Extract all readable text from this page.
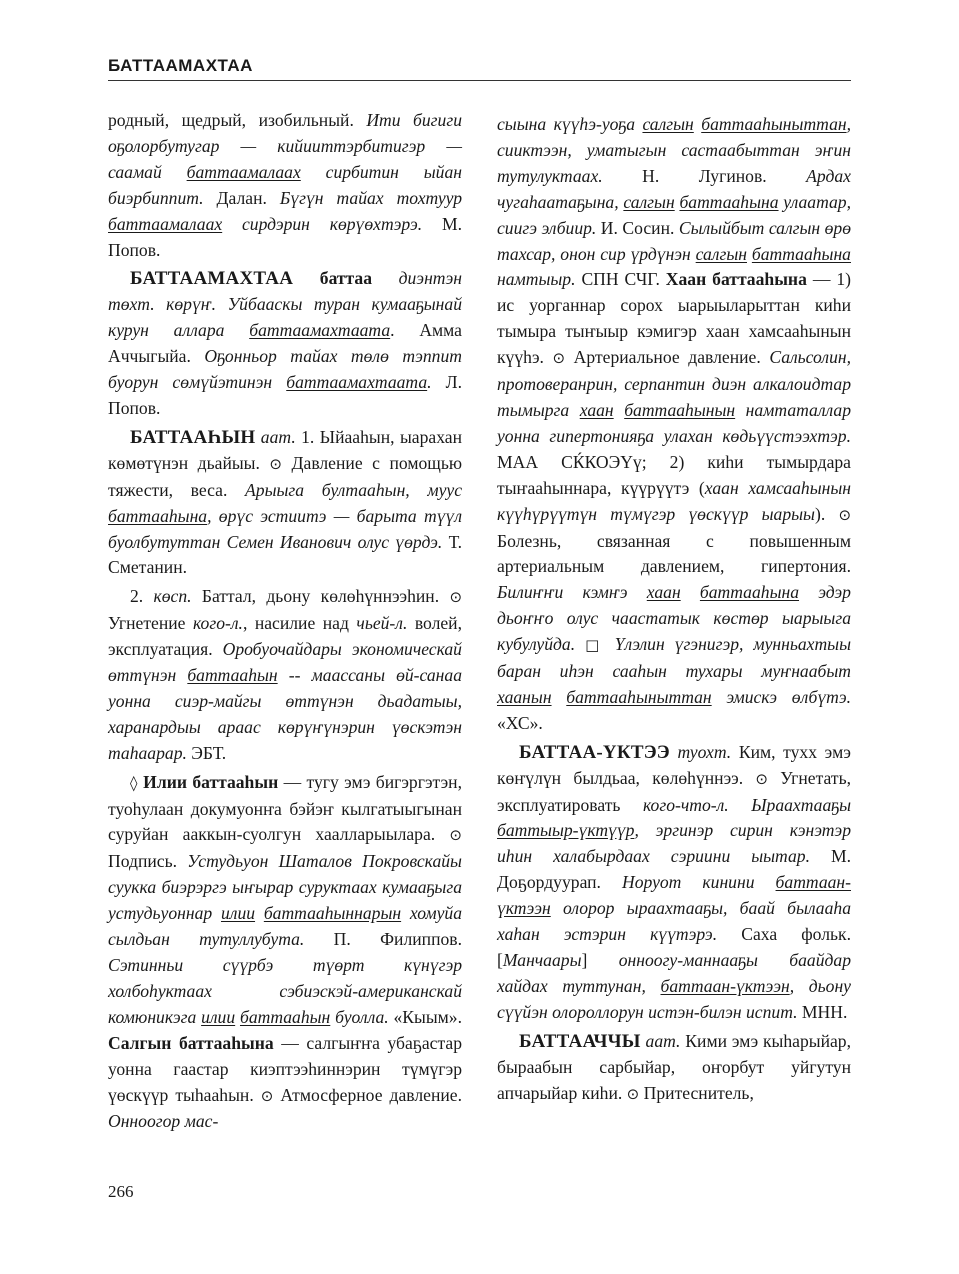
БАТТААМАХТАА

родный, щедрый, изобильный. Ити бигиги оҕолорбутугар — кийииттэрбитигэр — саамай баттаамалаах сирбитин ыйан биэрбиппит. Далан. Бүгүн тайах тохтуур баттаамалаах сирдэрин көрүөхтэрэ. М. Попов.

БАТТААМАХТАА баттаа диэнтэн төхт. көрүҥ. Уйбааскы туран кумааҕынай курун аллара баттаамахтаата. Амма Аччыгыйа. Оҕонньор тайах төлө тэппит буорун сөмүйэтинэн баттаамахтаата. Л. Попов.

БАТТААҺЫН аат. 1. Ыйааһын, ыарахан көмөтүнэн дьайыы. ⊙ Давление с помощью тяжести, веса. Арыыга бултааһын, муус баттааһына, өрүс эстиитэ — барыта түүл буолбутуттан Семен Иванович олус үөрдэ. Т. Сметанин.

2. көсп. Баттал, дьону көлөһүннээһин. ⊙ Угнетение кого-л., насилие над чьей-л. волей, эксплуатация. Оробуочайдары экономическай өттүнэн баттааһын -- маассаны өй-санаа уонна сиэр-майгы өттүнэн дьадатыы, харанардыы араас көрүҥүнэрин үөскэтэн таһаарар. ЭБТ.

◊ Илии баттааһын — тугу эмэ бигэргэтэн, туоһулаан докумуонҥа бэйэҥ кылгатыыгынан суруйан ааккын-суолгун хаалларыылара. ⊙ Подпись. Устудьуон Шаталов Покровскайы суукка биэрэргэ ыҥырар суруктаах кумааҕыга устудьуоннар илии баттааһыннарын хомуйа сылдьан тутуллубута. П. Филиппов. Сэтинньи сүүрбэ түөрт күнүгэр холбоһуктаах сэбиэскэй-американскай комюникэга илии баттааһын буолла. «Кыым». Салгын баттааһына — салгыҥҥа убаҕастар уонна гаастар киэптээһиннэрин түмүгэр үөскүүр тыһааһын. ⊙ Атмосферное давление. Онноогор мас-

сыына күүһэ-уоҕа салгын баттааһыныттан, сииктээн, уматыгын састаабыттан эҥин тутулуктаах. Н. Лугинов. Ардах чугаһаатаҕына, салгын баттааһына улаатар, сиигэ элбиир. И. Сосин. Сылыйбыт салгын өрө тахсар, онон сир үрдүнэн салгын баттааһына намтыыр. СПН СЧГ. Хаан баттааһына — 1) ис уорганнар сорох ыарыыларыттан киһи тымыра тыҥыыр кэмигэр хаан хамсааһынын күүһэ. ⊙ Артериальное давление. Сальсолин, протоверанрин, серпантин диэн алкалоидтар тымырга хаан баттааһынын намтаталлар уонна гипертонияҕа улахан көдьүүстээхтэр. МАА СЌКОЭҮү; 2) киһи тымырдара тыҥааһыннара, күүрүүтэ (хаан хамсааһынын күүһүрүүтүн түмүгэр үөскүүр ыарыы). ⊙ Болезнь, связанная с повышенным артериальным давлением, гипертония. Билиҥҥи кэмҥэ хаан баттааһына эдэр дьоҥҥо олус чаастатык көстөр ыарыыга кубулуйда. □ Үлэлин үгэнигэр, мунньахтыы баран иһэн сааһын тухары муҥнаабыт хаанын баттааһыныттан эмискэ өлбүтэ. «ХС».

БАТТАА-ҮКТЭЭ туохт. Ким, тухх эмэ көҥүлүн былдьаа, көлөһүннээ. ⊙ Угнетать, эксплуатировать кого-что-л. Ыраахтааҕы баттыыр-үктүүр, эргинэр сирин кэнэтэр иһин халабырдаах сэриини ыытар. М. Доҕордуурап. Норуот кинини баттаан-үктээн олорор ыраахтааҕы, баай былааһа хаһан эстэрин күүтэрэ. Саха фольк. [Манчаары] онноогу-маннааҕы баайдар хайдах туттунан, баттаан-үктээн, дьону сүүйэн олороллорун истэн-билэн испит. МНН.

БАТТААЧЧЫ аат. Кими эмэ кыһарыйар, быраабын сарбыйар, оҥорбут уйгутун апчарыйар киһи. ⊙ Притеснитель,

266
